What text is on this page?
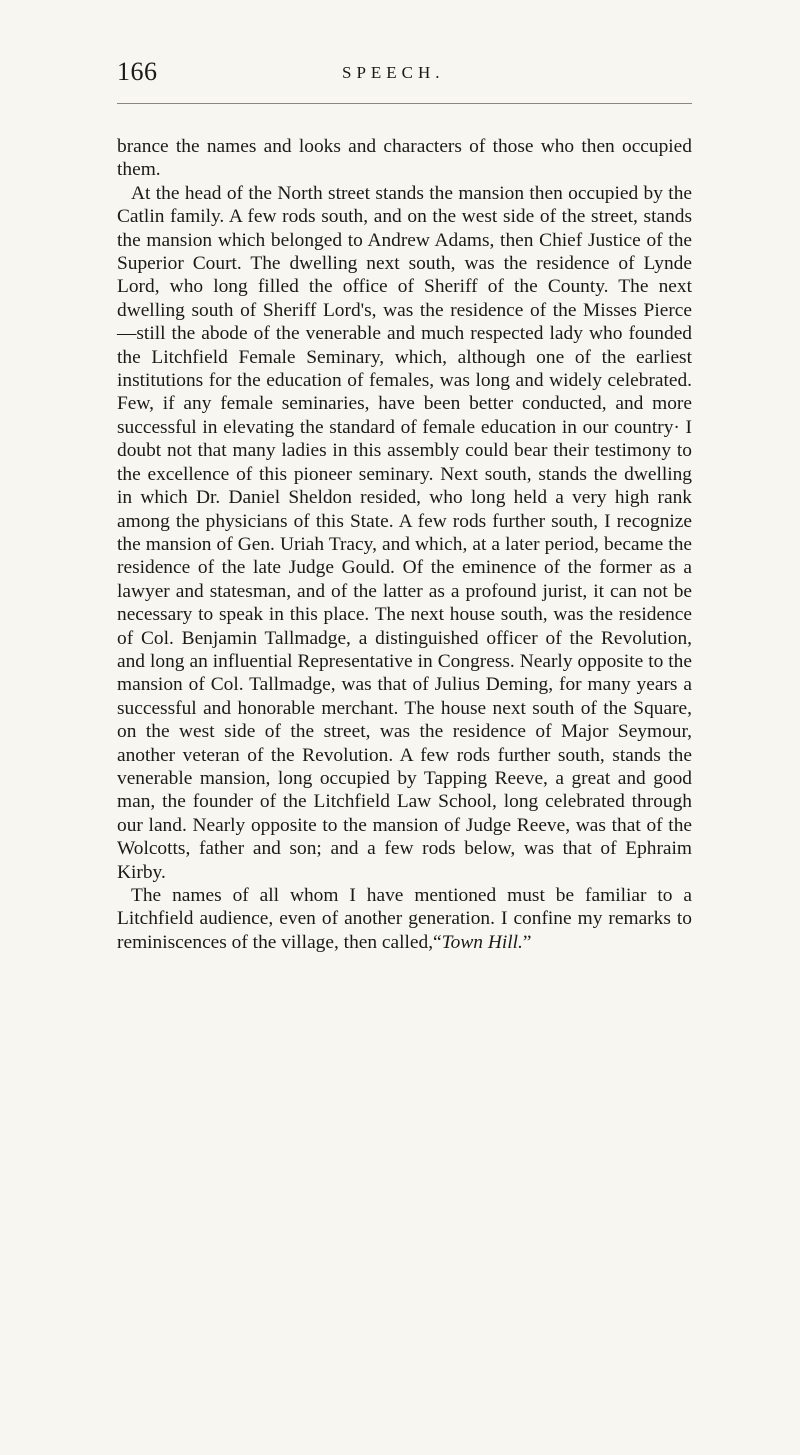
166	SPEECH.

brance the names and looks and characters of those who then occupied them.

At the head of the North street stands the mansion then occupied by the Catlin family. A few rods south, and on the west side of the street, stands the mansion which belonged to Andrew Adams, then Chief Justice of the Superior Court. The dwelling next south, was the residence of Lynde Lord, who long filled the office of Sheriff of the County. The next dwelling south of Sheriff Lord's, was the residence of the Misses Pierce—still the abode of the venerable and much respected lady who founded the Litchfield Female Seminary, which, although one of the earliest institutions for the education of females, was long and widely celebrated. Few, if any female seminaries, have been better conducted, and more successful in elevating the standard of female education in our country· I doubt not that many ladies in this assembly could bear their testimony to the excellence of this pioneer seminary. Next south, stands the dwelling in which Dr. Daniel Sheldon resided, who long held a very high rank among the physicians of this State. A few rods further south, I recognize the mansion of Gen. Uriah Tracy, and which, at a later period, became the residence of the late Judge Gould. Of the eminence of the former as a lawyer and statesman, and of the latter as a profound jurist, it can not be necessary to speak in this place. The next house south, was the residence of Col. Benjamin Tallmadge, a distinguished officer of the Revolution, and long an influential Representative in Congress. Nearly opposite to the mansion of Col. Tallmadge, was that of Julius Deming, for many years a successful and honorable merchant. The house next south of the Square, on the west side of the street, was the residence of Major Seymour, another veteran of the Revolution. A few rods further south, stands the venerable mansion, long occupied by Tapping Reeve, a great and good man, the founder of the Litchfield Law School, long celebrated through our land. Nearly opposite to the mansion of Judge Reeve, was that of the Wolcotts, father and son; and a few rods below, was that of Ephraim Kirby.

The names of all whom I have mentioned must be familiar to a Litchfield audience, even of another generation. I confine my remarks to reminiscences of the village, then called,“Town Hill.”
